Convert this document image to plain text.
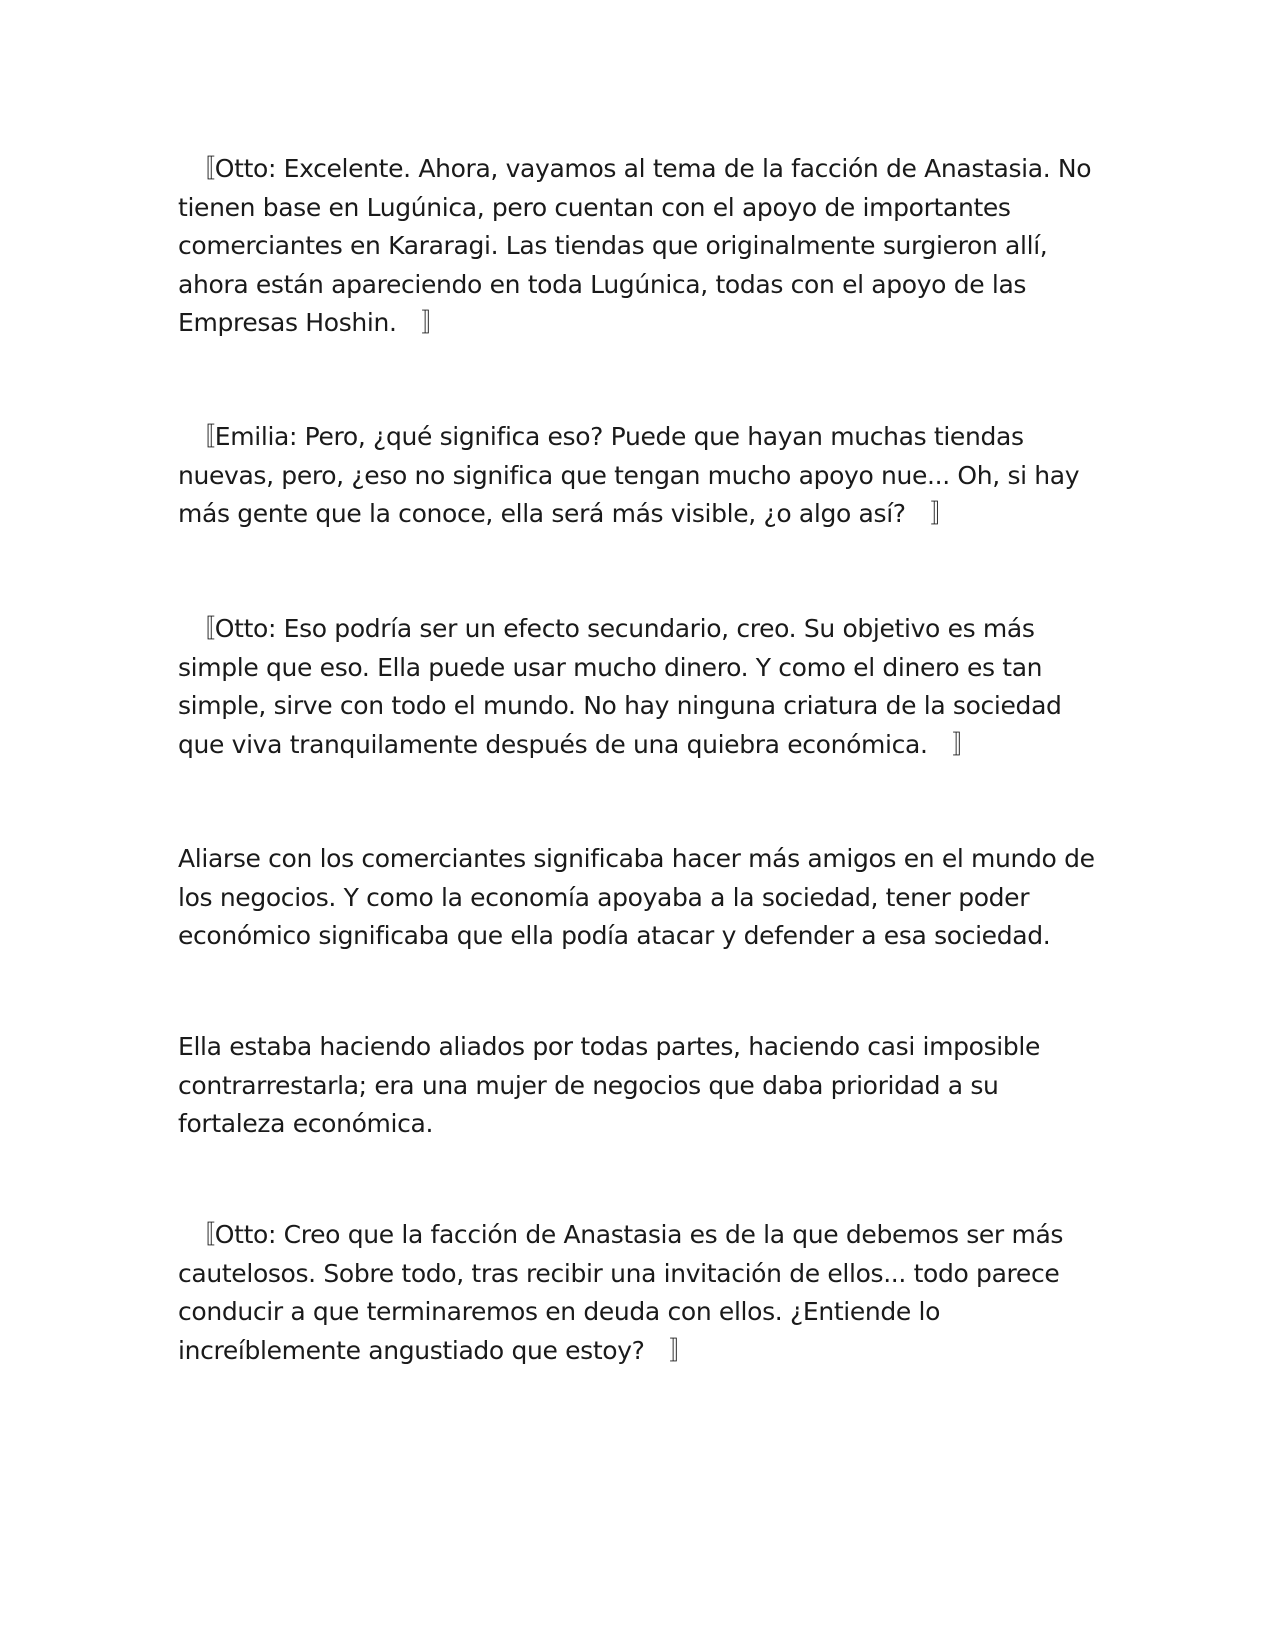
　〚Otto: Excelente. Ahora, vayamos al tema de la facción de Anastasia. No tienen base en Lugúnica, pero cuentan con el apoyo de importantes comerciantes en Kararagi. Las tiendas que originalmente surgieron allí, ahora están apareciendo en toda Lugúnica, todas con el apoyo de las Empresas Hoshin.　〛

　〚Emilia: Pero, ¿qué significa eso? Puede que hayan muchas tiendas nuevas, pero, ¿eso no significa que tengan mucho apoyo nue... Oh, si hay más gente que la conoce, ella será más visible, ¿o algo así?　〛

　〚Otto: Eso podría ser un efecto secundario, creo. Su objetivo es más simple que eso. Ella puede usar mucho dinero. Y como el dinero es tan simple, sirve con todo el mundo. No hay ninguna criatura de la sociedad que viva tranquilamente después de una quiebra económica.　〛

Aliarse con los comerciantes significaba hacer más amigos en el mundo de los negocios. Y como la economía apoyaba a la sociedad, tener poder económico significaba que ella podía atacar y defender a esa sociedad.

Ella estaba haciendo aliados por todas partes, haciendo casi imposible contrarrestarla; era una mujer de negocios que daba prioridad a su fortaleza económica.

　〚Otto: Creo que la facción de Anastasia es de la que debemos ser más cautelosos. Sobre todo, tras recibir una invitación de ellos... todo parece conducir a que terminaremos en deuda con ellos. ¿Entiende lo increíblemente angustiado que estoy?　〛
